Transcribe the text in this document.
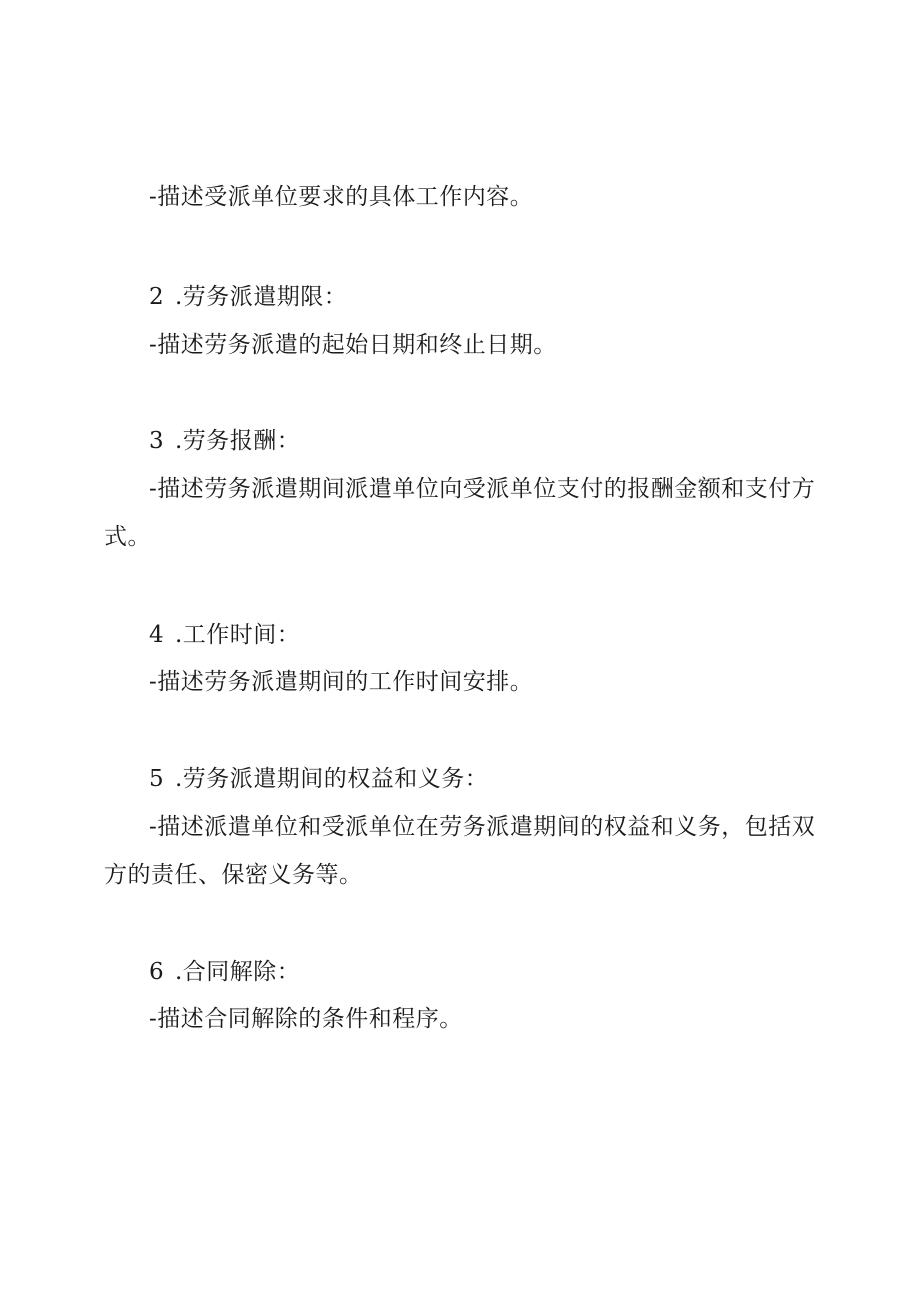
-描述受派单位要求的具体工作内容。
2 .劳务派遣期限：
-描述劳务派遣的起始日期和终止日期。
3 .劳务报酬：
-描述劳务派遣期间派遣单位向受派单位支付的报酬金额和支付方
式。
4 .工作时间：
-描述劳务派遣期间的工作时间安排。
5 .劳务派遣期间的权益和义务：
-描述派遣单位和受派单位在劳务派遣期间的权益和义务，包括双
方的责任、保密义务等。
6 .合同解除：
-描述合同解除的条件和程序。
